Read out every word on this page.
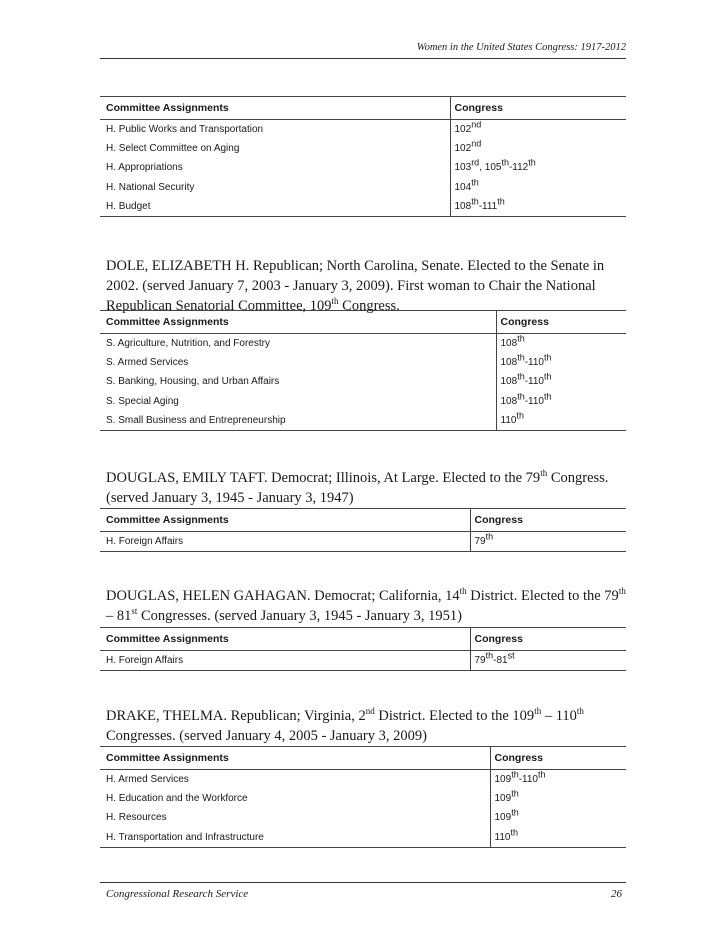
Women in the United States Congress: 1917-2012
Committee Assignments	Congress
H. Public Works and Transportation	102nd
H. Select Committee on Aging	102nd
H. Appropriations	103rd, 105th-112th
H. National Security	104th
H. Budget	108th-111th
DOLE, ELIZABETH H. Republican; North Carolina, Senate. Elected to the Senate in 2002. (served January 7, 2003 - January 3, 2009). First woman to Chair the National Republican Senatorial Committee, 109th Congress.
Committee Assignments	Congress
S. Agriculture, Nutrition, and Forestry	108th
S. Armed Services	108th-110th
S. Banking, Housing, and Urban Affairs	108th-110th
S. Special Aging	108th-110th
S. Small Business and Entrepreneurship	110th
DOUGLAS, EMILY TAFT. Democrat; Illinois, At Large. Elected to the 79th Congress. (served January 3, 1945 - January 3, 1947)
Committee Assignments	Congress
H. Foreign Affairs	79th
DOUGLAS, HELEN GAHAGAN. Democrat; California, 14th District. Elected to the 79th – 81st Congresses. (served January 3, 1945 - January 3, 1951)
Committee Assignments	Congress
H. Foreign Affairs	79th-81st
DRAKE, THELMA. Republican; Virginia, 2nd District. Elected to the 109th – 110th Congresses. (served January 4, 2005 - January 3, 2009)
Committee Assignments	Congress
H. Armed Services	109th-110th
H. Education and the Workforce	109th
H. Resources	109th
H. Transportation and Infrastructure	110th
Congressional Research Service	26
